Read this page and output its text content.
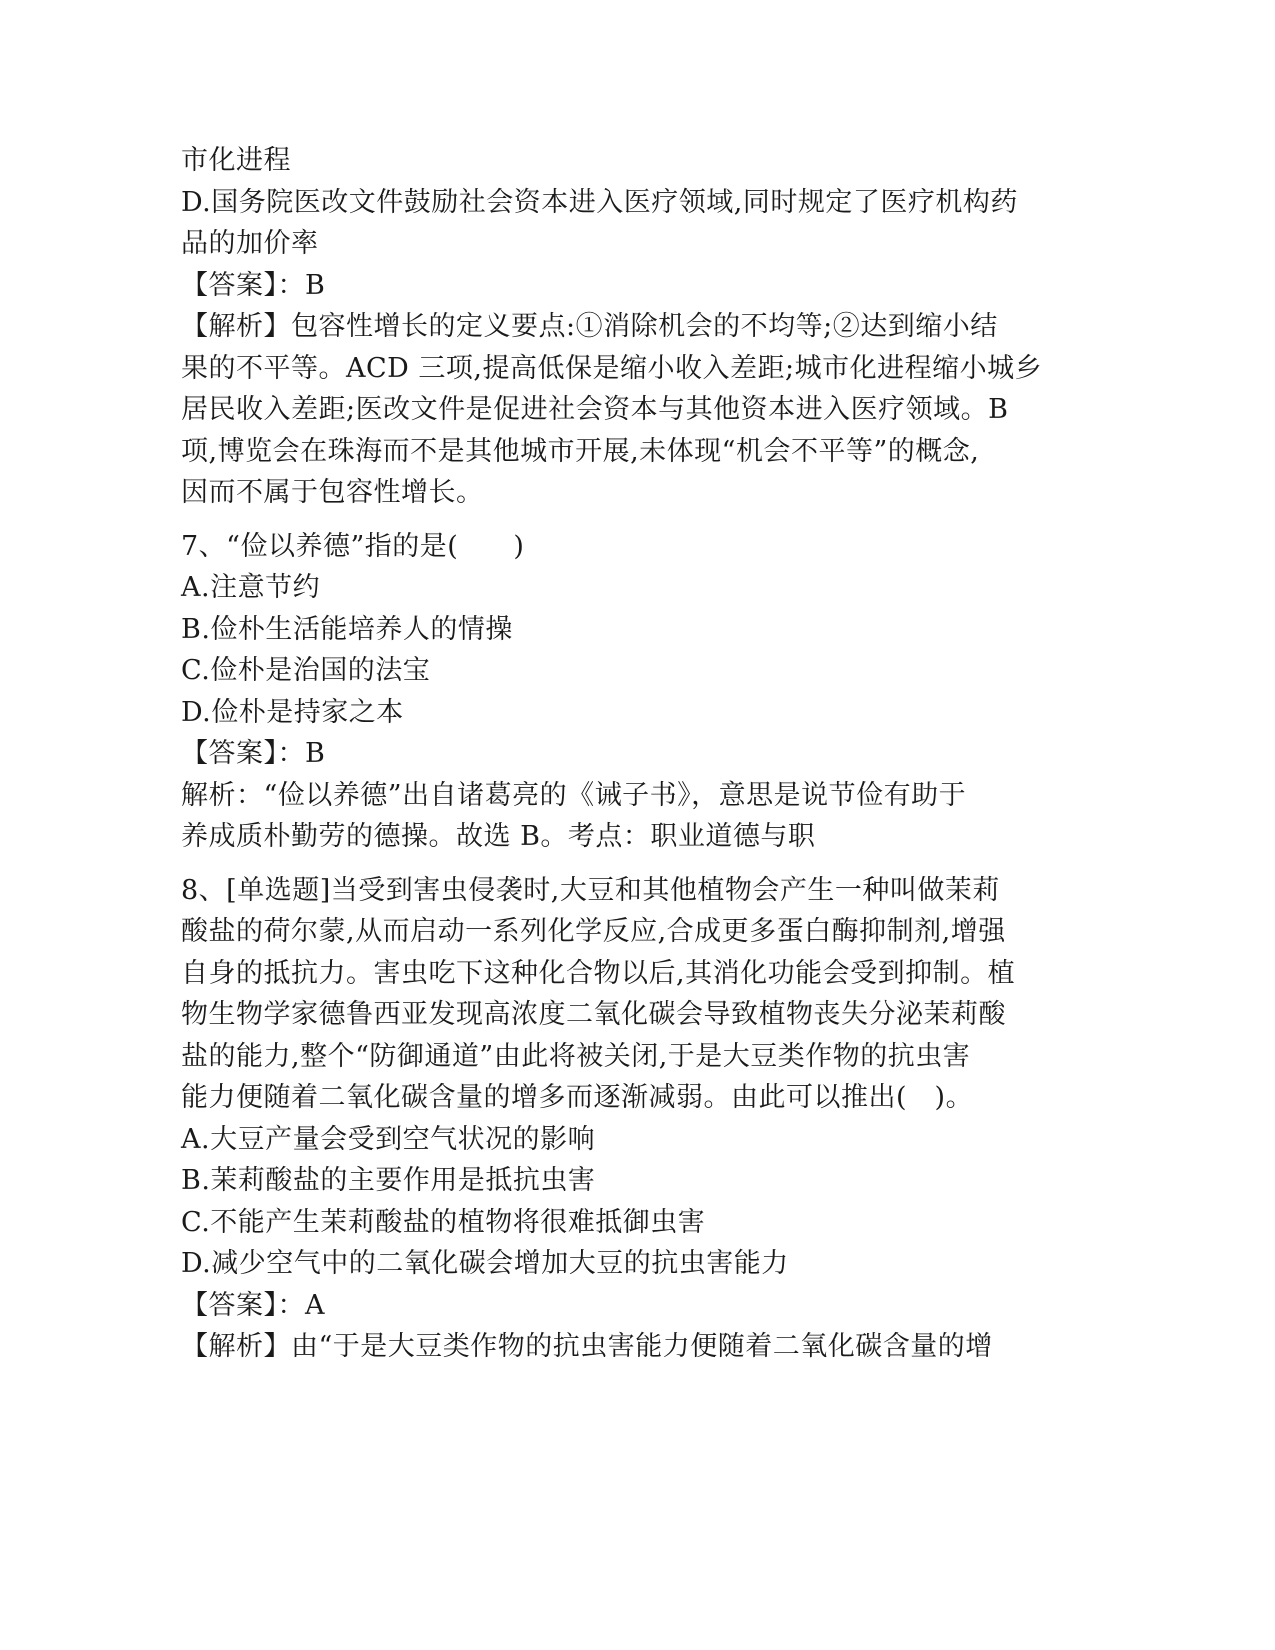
市化进程
D.国务院医改文件鼓励社会资本进入医疗领域,同时规定了医疗机构药
品的加价率
【答案】：B
【解析】包容性增长的定义要点:①消除机会的不均等;②达到缩小结
果的不平等。ACD 三项,提高低保是缩小收入差距;城市化进程缩小城乡
居民收入差距;医改文件是促进社会资本与其他资本进入医疗领域。B
项,博览会在珠海而不是其他城市开展,未体现“机会不平等”的概念,
因而不属于包容性增长。
7、“俭以养德”指的是(　　)
A.注意节约
B.俭朴生活能培养人的情操
C.俭朴是治国的法宝
D.俭朴是持家之本
【答案】：B
解析：“俭以养德”出自诸葛亮的《诫子书》，意思是说节俭有助于
养成质朴勤劳的德操。故选 B。考点：职业道德与职
8、[单选题]当受到害虫侵袭时,大豆和其他植物会产生一种叫做茉莉
酸盐的荷尔蒙,从而启动一系列化学反应,合成更多蛋白酶抑制剂,增强
自身的抵抗力。害虫吃下这种化合物以后,其消化功能会受到抑制。植
物生物学家德鲁西亚发现高浓度二氧化碳会导致植物丧失分泌茉莉酸
盐的能力,整个“防御通道”由此将被关闭,于是大豆类作物的抗虫害
能力便随着二氧化碳含量的增多而逐渐减弱。由此可以推出(　)。
A.大豆产量会受到空气状况的影响
B.茉莉酸盐的主要作用是抵抗虫害
C.不能产生茉莉酸盐的植物将很难抵御虫害
D.减少空气中的二氧化碳会增加大豆的抗虫害能力
【答案】：A
【解析】由“于是大豆类作物的抗虫害能力便随着二氧化碳含量的增
